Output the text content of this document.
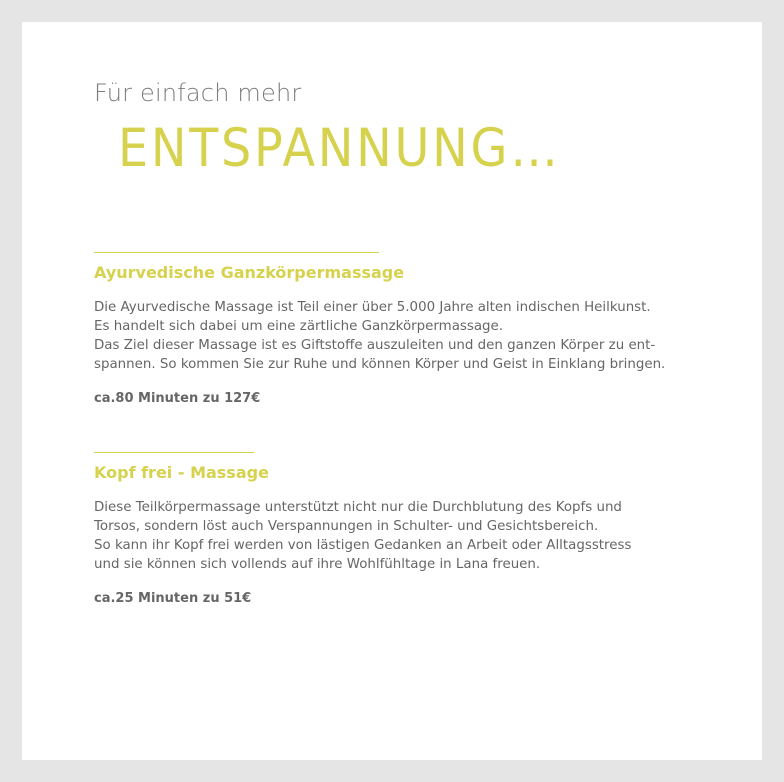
Für einfach mehr

ENTSPANNUNG…
Ayurvedische Ganzkörpermassage

Die Ayurvedische Massage ist Teil einer über 5.000 Jahre alten indischen Heilkunst.
Es handelt sich dabei um eine zärtliche Ganzkörpermassage.
Das Ziel dieser Massage ist es Giftstoffe auszuleiten und den ganzen Körper zu ent-
spannen. So kommen Sie zur Ruhe und können Körper und Geist in Einklang bringen.

ca.80 Minuten zu 127€

Kopf frei - Massage

Diese Teilkörpermassage unterstützt nicht nur die Durchblutung des Kopfs und
Torsos, sondern löst auch Verspannungen in Schulter- und Gesichtsbereich.
So kann ihr Kopf frei werden von lästigen Gedanken an Arbeit oder Alltagsstress
und sie können sich vollends auf ihre Wohlfühltage in Lana freuen.

ca.25 Minuten zu 51€
